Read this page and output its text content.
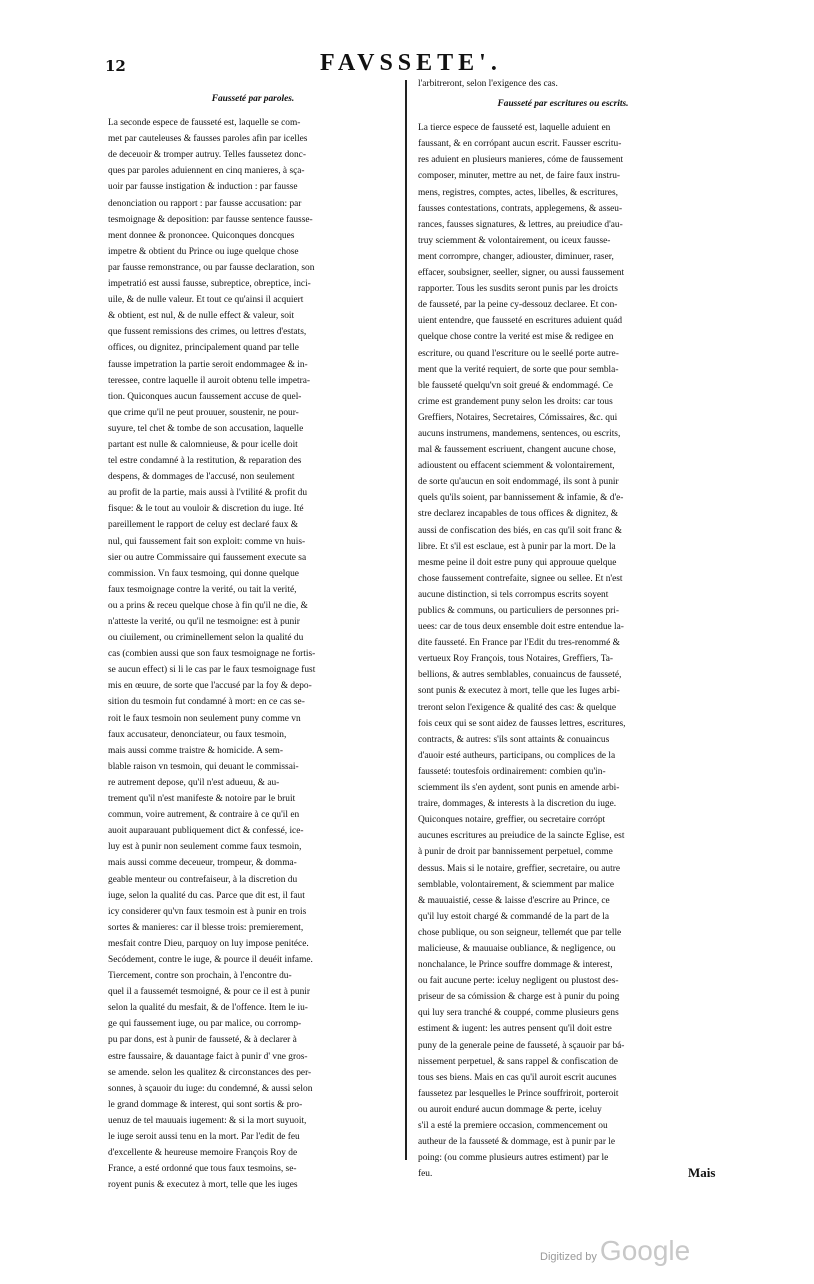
12	FAVSSETE'.
Fausseté par paroles.
La seconde espece de fausseté est, laquelle se com-
met par cauteleuses & fausses paroles afin par icelles
de deceuoir & tromper autruy. Telles faussetez donc-
ques par paroles aduiennent en cinq manieres, à sça-
uoir par fausse instigation & induction : par fausse
denonciation ou rapport : par fausse accusation: par
tesmoignage & deposition: par fausse sentence fausse-
ment donnee & prononcee. Quiconques doncques
impetre & obtient du Prince ou iuge quelque chose
par fausse remonstrance, ou par fausse declaration, son
impetratió est aussi fausse, subreptice, obreptice, inci-
uile, & de nulle valeur. Et tout ce qu'ainsi il acquiert
& obtient, est nul, & de nulle effect & valeur, soit
que fussent remissions des crimes, ou lettres d'estats,
offices, ou dignitez, principalement quand par telle
fausse impetration la partie seroit endommagee & in-
teressee, contre laquelle il auroit obtenu telle impetra-
tion. Quiconques aucun faussement accuse de quel-
que crime qu'il ne peut prouuer, soustenir, ne pour-
suyure, tel chet & tombe de son accusation, laquelle
partant est nulle & calomnieuse, & pour icelle doit
tel estre condamné à la restitution, & reparation des
despens, & dommages de l'accusé, non seulement
au profit de la partie, mais aussi à l'vtilité & profit du
fisque: & le tout au vouloir & discretion du iuge. Ité
pareillement le rapport de celuy est declaré faux &
nul, qui faussement fait son exploit: comme vn huis-
sier ou autre Commissaire qui faussement execute sa
commission. Vn faux tesmoing, qui donne quelque
faux tesmoignage contre la verité, ou tait la verité,
ou a prins & receu quelque chose à fin qu'il ne die, &
n'atteste la verité, ou qu'il ne tesmoigne: est à punir
ou ciuilement, ou criminellement selon la qualité du
cas (combien aussi que son faux tesmoignage ne fortis-
se aucun effect) si li le cas par le faux tesmoignage fust
mis en œuure, de sorte que l'accusé par la foy & depo-
sition du tesmoin fut condamné à mort: en ce cas se-
roit le faux tesmoin non seulement puny comme vn
faux accusateur, denonciateur, ou faux tesmoin,
mais aussi comme traistre & homicide. A sem-
blable raison vn tesmoin, qui deuant le commissai-
re autrement depose, qu'il n'est adueuu, & au-
trement qu'il n'est manifeste & notoire par le bruit
commun, voire autrement, & contraire à ce qu'il en
auoit auparauant publiquement dict & confessé, ice-
luy est à punir non seulement comme faux tesmoin,
mais aussi comme deceueur, trompeur, & domma-
geable menteur ou contrefaiseur, à la discretion du
iuge, selon la qualité du cas. Parce que dit est, il faut
icy considerer qu'vn faux tesmoin est à punir en trois
sortes & manieres: car il blesse trois: premierement,
mesfait contre Dieu, parquoy on luy impose penitéce.
Secódement, contre le iuge, & pource il deuéit infame.
Tiercement, contre son prochain, à l'encontre du-
quel il a faussemét tesmoigné, & pour ce il est à punir
selon la qualité du mesfait, & de l'offence. Item le iu-
ge qui faussement iuge, ou par malice, ou corromp-
pu par dons, est à punir de fausseté, & à declarer à
estre faussaire, & dauantage faict à punir d' vne gros-
se amende. selon les qualitez & circonstances des per-
sonnes, à sçauoir du iuge: du condemné, & aussi selon
le grand dommage & interest, qui sont sortis & pro-
uenuz de tel mauuais iugement: & si la mort suyuoit,
le iuge seroit aussi tenu en la mort. Par l'edit de feu
d'excellente & heureuse memoire François Roy de
France, a esté ordonné que tous faux tesmoins, se-
royent punis & executez à mort, telle que les iuges
l'arbitreront, selon l'exigence des cas.
Fausseté par escritures ou escrits.
La tierce espece de fausseté est, laquelle aduient en
faussant, & en corrópant aucun escrit. Fausser escritu-
res aduient en plusieurs manieres, cóme de faussement
composer, minuter, mettre au net, de faire faux instru-
mens, registres, comptes, actes, libelles, & escritures,
fausses contestations, contrats, applegemens, & asseu-
rances, fausses signatures, & lettres, au preiudice d'au-
truy sciemment & volontairement, ou iceux fausse-
ment corrompre, changer, adiouster, diminuer, raser,
effacer, soubsigner, seeller, signer, ou aussi faussement
rapporter. Tous les susdits seront punis par les droicts
de fausseté, par la peine cy-dessouz declaree. Et con-
uient entendre, que fausseté en escritures aduient quád
quelque chose contre la verité est mise & redigee en
escriture, ou quand l'escriture ou le seellé porte autre-
ment que la verité requiert, de sorte que pour sembla-
ble fausseté quelqu'vn soit greué & endommagé. Ce
crime est grandement puny selon les droits: car tous
Greffiers, Notaires, Secretaires, Cómissaires, &c. qui
aucuns instrumens, mandemens, sentences, ou escrits,
mal & faussement escriuent, changent aucune chose,
adioustent ou effacent sciemment & volontairement,
de sorte qu'aucun en soit endommagé, ils sont à punir
quels qu'ils soient, par bannissement & infamie, & d'e-
stre declarez incapables de tous offices & dignitez, &
aussi de confiscation des biés, en cas qu'il soit franc &
libre. Et s'il est esclaue, est à punir par la mort. De la
mesme peine il doit estre puny qui approuue quelque
chose faussement contrefaite, signee ou sellee. Et n'est
aucune distinction, si tels corrompus escrits soyent
publics & communs, ou particuliers de personnes pri-
uees: car de tous deux ensemble doit estre entendue la-
dite fausseté. En France par l'Edit du tres-renommé &
vertueux Roy François, tous Notaires, Greffiers, Ta-
bellions, & autres semblables, conuaincus de fausseté,
sont punis & executez à mort, telle que les Iuges arbi-
treront selon l'exigence & qualité des cas: & quelque
fois ceux qui se sont aidez de fausses lettres, escritures,
contracts, & autres: s'ils sont attaints & conuaincus
d'auoir esté autheurs, participans, ou complices de la
fausseté: toutesfois ordinairement: combien qu'in-
sciemment ils s'en aydent, sont punis en amende arbi-
traire, dommages, & interests à la discretion du iuge.
Quiconques notaire, greffier, ou secretaire corrópt
aucunes escritures au preiudice de la saincte Eglise, est
à punir de droit par bannissement perpetuel, comme
dessus. Mais si le notaire, greffier, secretaire, ou autre
semblable, volontairement, & sciemment par malice
& mauuaistié, cesse & laisse d'escrire au Prince, ce
qu'il luy estoit chargé & commandé de la part de la
chose publique, ou son seigneur, tellemét que par telle
malicieuse, & mauuaise oubliance, & negligence, ou
nonchalance, le Prince souffre dommage & interest,
ou fait aucune perte: iceluy negligent ou plustost des-
priseur de sa cómission & charge est à punir du poing
qui luy sera tranché & couppé, comme plusieurs gens
estiment & iugent: les autres pensent qu'il doit estre
puny de la generale peine de fausseté, à sçauoir par bá-
nissement perpetuel, & sans rappel & confiscation de
tous ses biens. Mais en cas qu'il auroit escrit aucunes
faussetez par lesquelles le Prince souffriroit, porteroit
ou auroit enduré aucun dommage & perte, iceluy
s'il a esté la premiere occasion, commencement ou
autheur de la fausseté & dommage, est à punir par le
poing: (ou comme plusieurs autres estiment) par le
feu.	Mais
Digitized by Google
